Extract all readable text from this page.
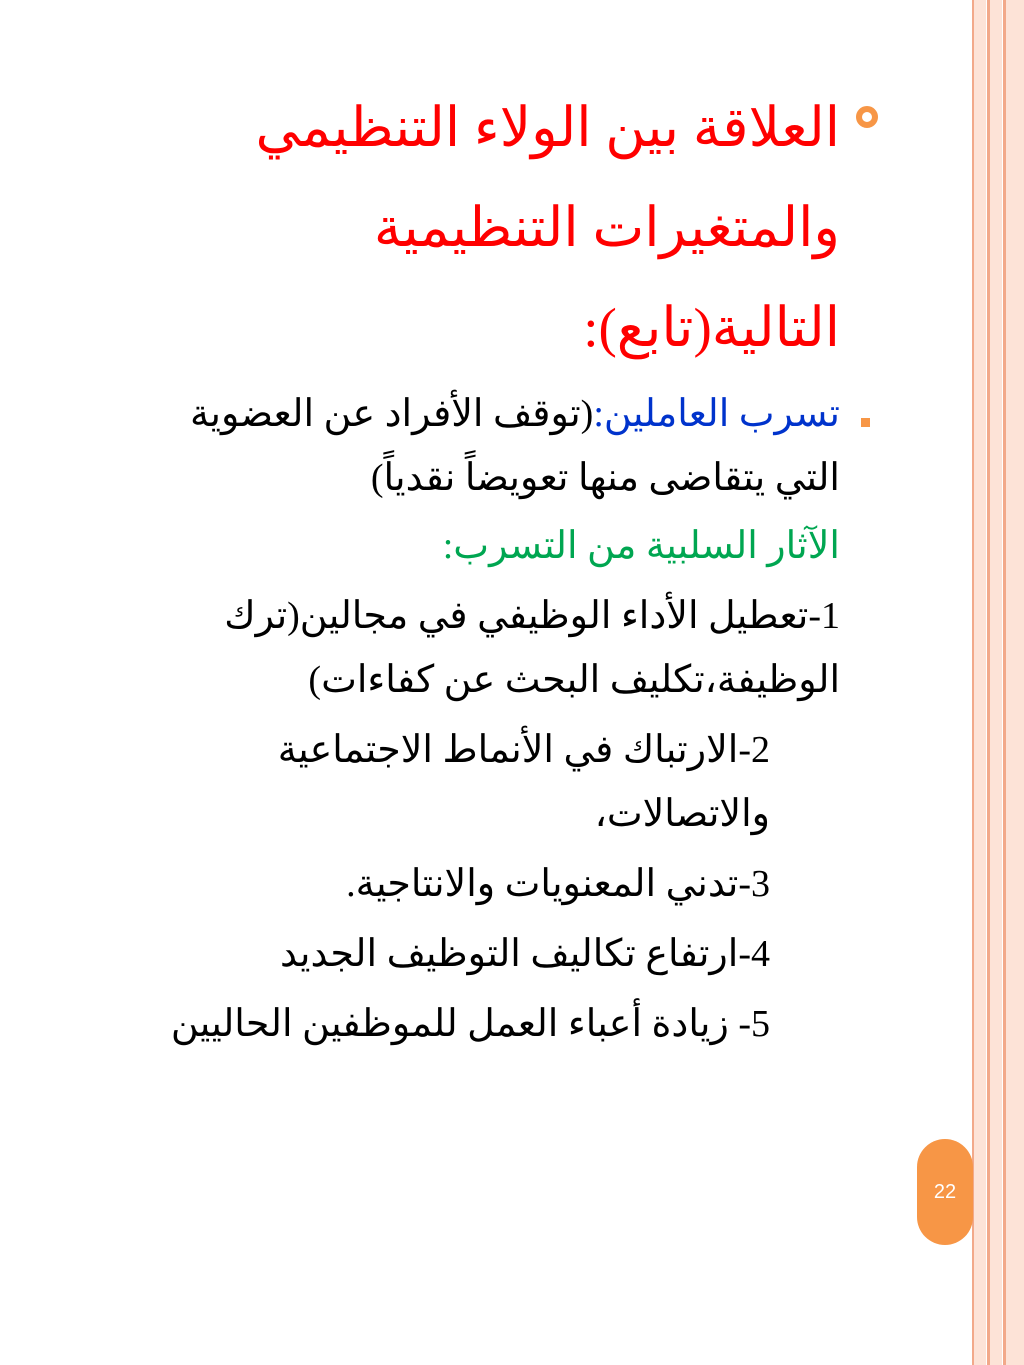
العلاقة بين الولاء التنظيمي والمتغيرات التنظيمية التالية(تابع):

تسرب العاملين:(توقف الأفراد عن العضوية التي يتقاضى منها تعويضاً نقدياً)

الآثار السلبية من التسرب:

1-تعطيل الأداء الوظيفي في مجالين(ترك الوظيفة،تكليف البحث عن كفاءات)

2-الارتباك في الأنماط الاجتماعية والاتصالات،

3-تدني المعنويات والانتاجية.

4-ارتفاع تكاليف التوظيف الجديد

5- زيادة أعباء العمل للموظفين الحاليين

22
